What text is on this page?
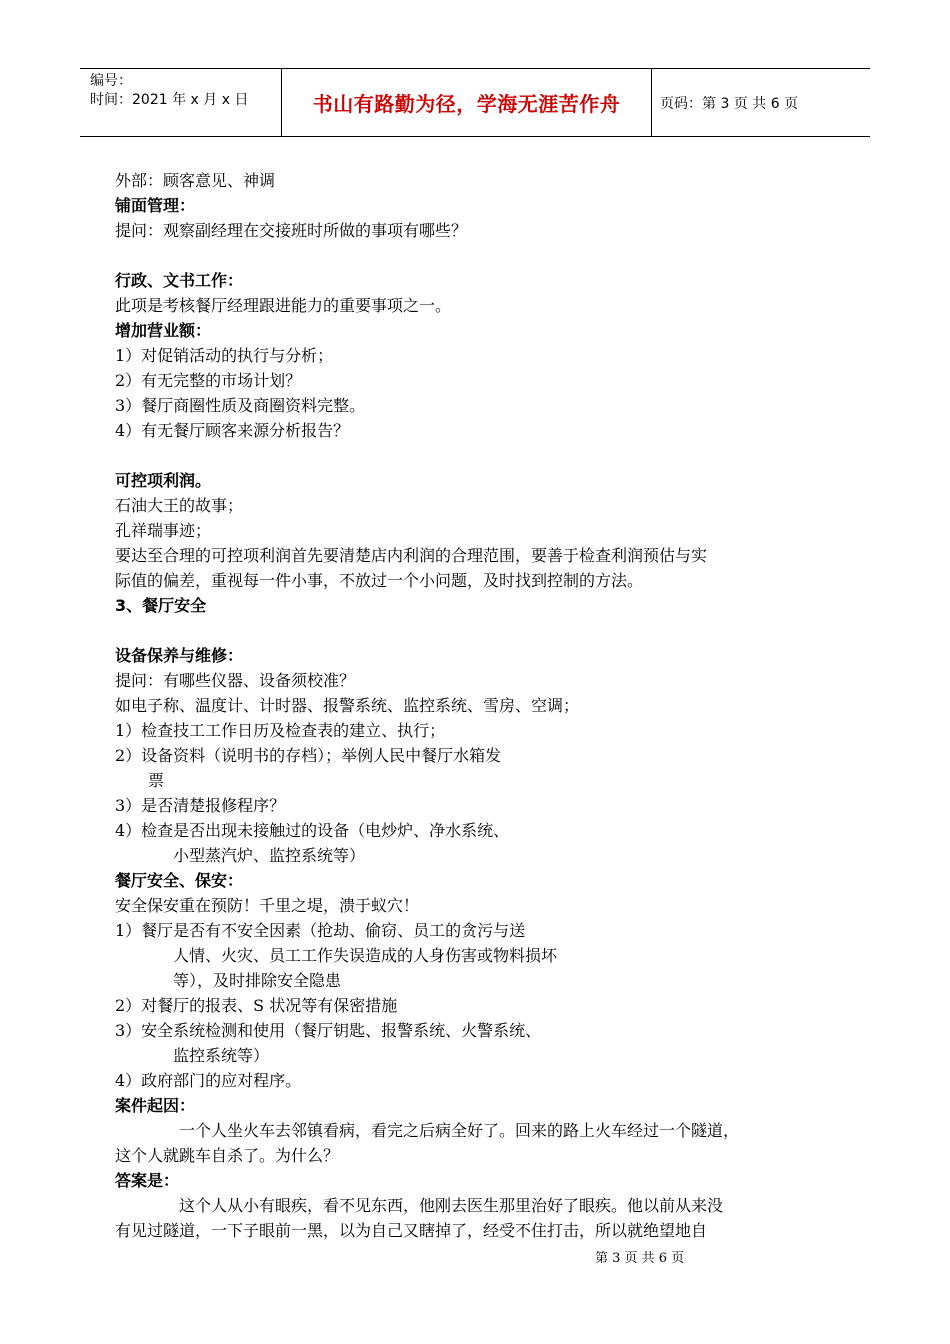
编号：
时间：2021 年 x 月 x 日	书山有路勤为径，学海无涯苦作舟	页码：第 3 页 共 6 页
外部：顾客意见、神调
铺面管理：
提问：观察副经理在交接班时所做的事项有哪些？
行政、文书工作：
此项是考核餐厅经理跟进能力的重要事项之一。
增加营业额：
1）对促销活动的执行与分析；
2）有无完整的市场计划？
3）餐厅商圈性质及商圈资料完整。
4）有无餐厅顾客来源分析报告？
可控项利润。
石油大王的故事；
孔祥瑞事迹；
要达至合理的可控项利润首先要清楚店内利润的合理范围，要善于检查利润预估与实
际值的偏差，重视每一件小事，不放过一个小问题，及时找到控制的方法。
3、餐厅安全
设备保养与维修：
提问：有哪些仪器、设备须校准？
如电子称、温度计、计时器、报警系统、监控系统、雪房、空调；
1）检查技工工作日历及检查表的建立、执行；
2）设备资料（说明书的存档）；举例人民中餐厅水箱发
票
3）是否清楚报修程序？
4）检查是否出现未接触过的设备（电炒炉、净水系统、
小型蒸汽炉、监控系统等）
餐厅安全、保安：
安全保安重在预防！千里之堤，溃于蚁穴！
1）餐厅是否有不安全因素（抢劫、偷窃、员工的贪污与送
人情、火灾、员工工作失误造成的人身伤害或物料损坏
等），及时排除安全隐患
2）对餐厅的报表、S 状况等有保密措施
3）安全系统检测和使用（餐厅钥匙、报警系统、火警系统、
监控系统等）
4）政府部门的应对程序。
案件起因：
一个人坐火车去邻镇看病，看完之后病全好了。回来的路上火车经过一个隧道，
这个人就跳车自杀了。为什么？
答案是：
这个人从小有眼疾，看不见东西，他刚去医生那里治好了眼疾。他以前从来没
有见过隧道，一下子眼前一黑，以为自己又瞎掉了，经受不住打击，所以就绝望地自
第 3 页 共 6 页
